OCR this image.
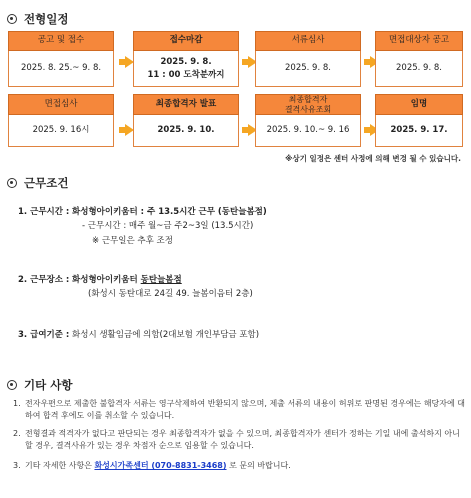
전형일정
공고 및 접수
2025. 8. 25.~ 9. 8.
접수마감
2025. 9. 8.
11 : 00 도착분까지
서류심사
2025. 9. 8.
면접대상자 공고
2025. 9. 8.
면접심사
2025. 9. 16시
최종합격자 발표
2025. 9. 10.
최종합격자
결격사유조회
2025. 9. 10.~ 9. 16
임명
2025. 9. 17.
※상기 일정은 센터 사정에 의해 변경 될 수 있습니다.
근무조건
1. 근무시간 : 화성형아이키움터 : 주 13.5시간 근무 (동탄늘봄점)
- 근무시간 : 매주 월~금 주2~3일 (13.5시간)
※ 근무일은 추후 조정
2. 근무장소 : 화성형아이키움터 동탄늘봄점
(화성시 동탄대로 24길 49. 늘봄이음터 2층)
3. 급여기준 : 화성시 생활임금에 의함(2대보험 개인부담금 포함)
기타 사항
1. 전자우편으로 제출한 불합격자 서류는 영구삭제하여 반환되지 않으며, 제출 서류의 내용이 허위로 판명된 경우에는 해당자에 대하여 합격 후에도 이를 취소할 수 있습니다.
2. 전형결과 적격자가 없다고 판단되는 경우 최종합격자가 없을 수 있으며, 최종합격자가 센터가 정하는 기일 내에 출석하지 아니할 경우, 결격사유가 있는 경우 차점자 순으로 임용할 수 있습니다.
3. 기타 자세한 사항은 화성시가족센터 (070-8831-3468) 로 문의 바랍니다.
